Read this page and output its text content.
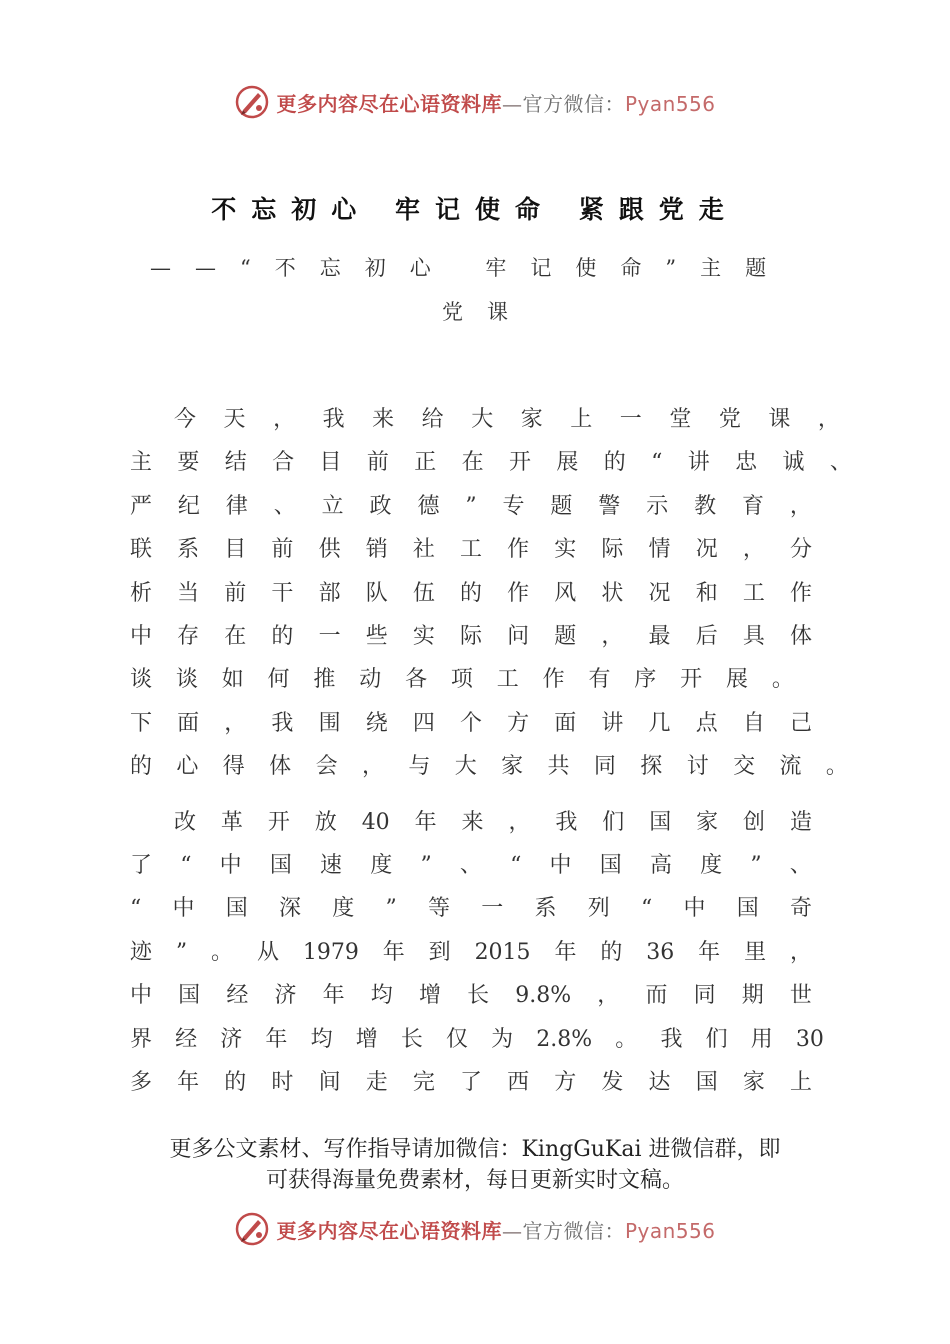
更多内容尽在心语资料库—官方微信：Pyan556
不忘初心 牢记使命 紧跟党走
——“不忘初心 牢记使命”主题
党课

今 天 ， 我 来 给 大 家 上 一 堂 党 课 ，
主 要 结 合 目 前 正 在 开 展 的 “ 讲 忠 诚 、
严 纪 律 、 立 政 德 ” 专 题 警 示 教 育 ，
联 系 目 前 供 销 社 工 作 实 际 情 况 ， 分
析 当 前 干 部 队 伍 的 作 风 状 况 和 工 作
中 存 在 的 一 些 实 际 问 题 ， 最 后 具 体
谈 谈 如 何 推 动 各 项 工 作 有 序 开 展 。
下 面 ， 我 围 绕 四 个 方 面 讲 几 点 自 己
的 心 得 体 会 ， 与 大 家 共 同 探 讨 交 流 。

改 革 开 放 40 年 来 ， 我 们 国 家 创 造
了 “ 中 国 速 度 ” 、 “ 中 国 高 度 ” 、
“ 中 国 深 度 ” 等 一 系 列 “ 中 国 奇
迹 ” 。 从 1979 年 到 2015 年 的 36 年 里 ，
中 国 经 济 年 均 增 长 9.8% ， 而 同 期 世
界 经 济 年 均 增 长 仅 为 2.8% 。 我 们 用 30
多 年 的 时 间 走 完 了 西 方 发 达 国 家 上

更多公文素材、写作指导请加微信：KingGuKai 进微信群，即
可获得海量免费素材，每日更新实时文稿。
更多内容尽在心语资料库—官方微信：Pyan556
